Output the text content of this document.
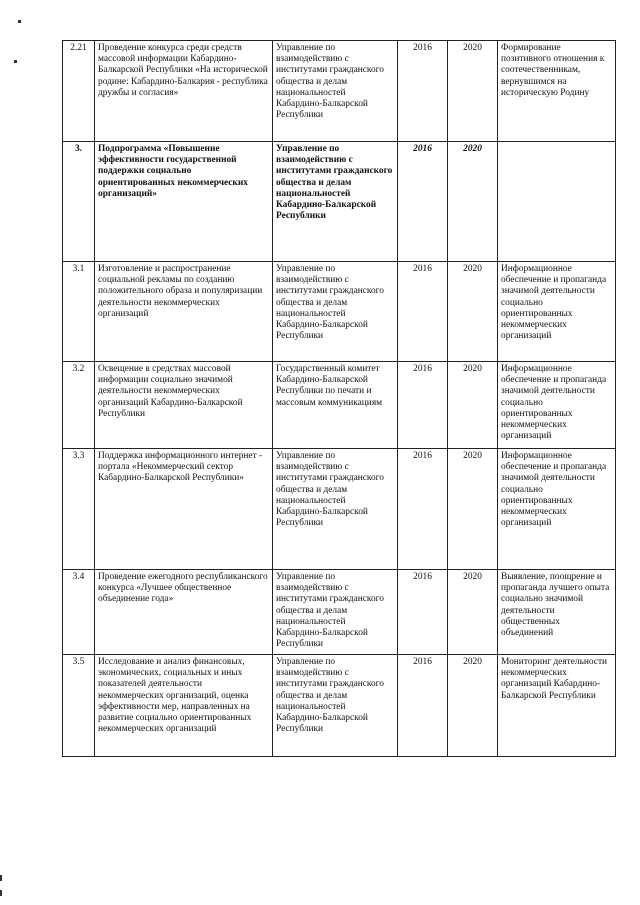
2.21	Проведение конкурса среди средств массовой информации Кабардино-Балкарской Республики «На исторической родине: Кабардино-Балкария - республика дружбы и согласия»	Управление по взаимодействию с институтами гражданского общества и делам национальностей Кабардино-Балкарской Республики	2016	2020	Формирование позитивного отношения к соотечественникам, вернувшимся на историческую Родину
3.	Подпрограмма «Повышение эффективности государственной поддержки социально ориентированных некоммерческих организаций»	Управление по взаимодействию с институтами гражданского общества и делам национальностей Кабардино-Балкарской Республики	2016	2020	
3.1	Изготовление и распространение социальной рекламы по созданию положительного образа и популяризации деятельности некоммерческих организаций	Управление по взаимодействию с институтами гражданского общества и делам национальностей Кабардино-Балкарской Республики	2016	2020	Информационное обеспечение и пропаганда значимой деятельности социально ориентированных некоммерческих организаций
3.2	Освещение в средствах массовой информации социально значимой деятельности некоммерческих организаций Кабардино-Балкарской Республики	Государственный комитет Кабардино-Балкарской Республики по печати и массовым коммуникациям	2016	2020	Информационное обеспечение и пропаганда значимой деятельности социально ориентированных некоммерческих организаций
3.3	Поддержка информационного интернет - портала «Некоммерческий сектор Кабардино-Балкарской Республики»	Управление по взаимодействию с институтами гражданского общества и делам национальностей Кабардино-Балкарской Республики	2016	2020	Информационное обеспечение и пропаганда значимой деятельности социально ориентированных некоммерческих организаций
3.4	Проведение ежегодного республиканского конкурса «Лучшее общественное объединение года»	Управление по взаимодействию с институтами гражданского общества и делам национальностей Кабардино-Балкарской Республики	2016	2020	Выявление, поощрение и пропаганда лучшего опыта социально значимой деятельности общественных объединений
3.5	Исследование и анализ финансовых, экономических, социальных и иных показателей деятельности некоммерческих организаций, оценка эффективности мер, направленных на развитие социально ориентированных некоммерческих организаций	Управление по взаимодействию с институтами гражданского общества и делам национальностей Кабардино-Балкарской Республики	2016	2020	Мониторинг деятельности некоммерческих организаций Кабардино-Балкарской Республики
